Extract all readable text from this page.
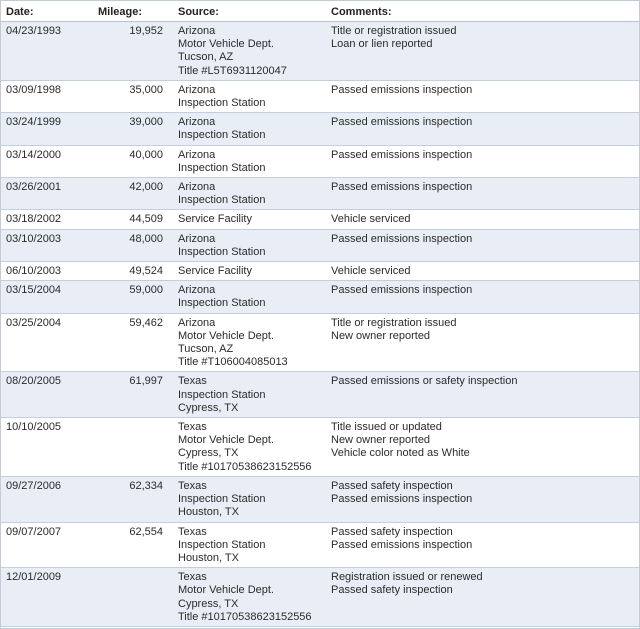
Date:	Mileage:	Source:	Comments:
04/23/1993	19,952	Arizona
Motor Vehicle Dept.
Tucson, AZ
Title #L5T6931120047	Title or registration issued
Loan or lien reported

03/09/1998	35,000	Arizona
Inspection Station	Passed emissions inspection

03/24/1999	39,000	Arizona
Inspection Station	Passed emissions inspection

03/14/2000	40,000	Arizona
Inspection Station	Passed emissions inspection

03/26/2001	42,000	Arizona
Inspection Station	Passed emissions inspection

03/18/2002	44,509	Service Facility	Vehicle serviced

03/10/2003	48,000	Arizona
Inspection Station	Passed emissions inspection

06/10/2003	49,524	Service Facility	Vehicle serviced

03/15/2004	59,000	Arizona
Inspection Station	Passed emissions inspection

03/25/2004	59,462	Arizona
Motor Vehicle Dept.
Tucson, AZ
Title #T106004085013	Title or registration issued
New owner reported

08/20/2005	61,997	Texas
Inspection Station
Cypress, TX	Passed emissions or safety inspection

10/10/2005		Texas
Motor Vehicle Dept.
Cypress, TX
Title #10170538623152556	Title issued or updated
New owner reported
Vehicle color noted as White

09/27/2006	62,334	Texas
Inspection Station
Houston, TX	Passed safety inspection
Passed emissions inspection

09/07/2007	62,554	Texas
Inspection Station
Houston, TX	Passed safety inspection
Passed emissions inspection

12/01/2009		Texas
Motor Vehicle Dept.
Cypress, TX
Title #10170538623152556	Registration issued or renewed
Passed safety inspection
